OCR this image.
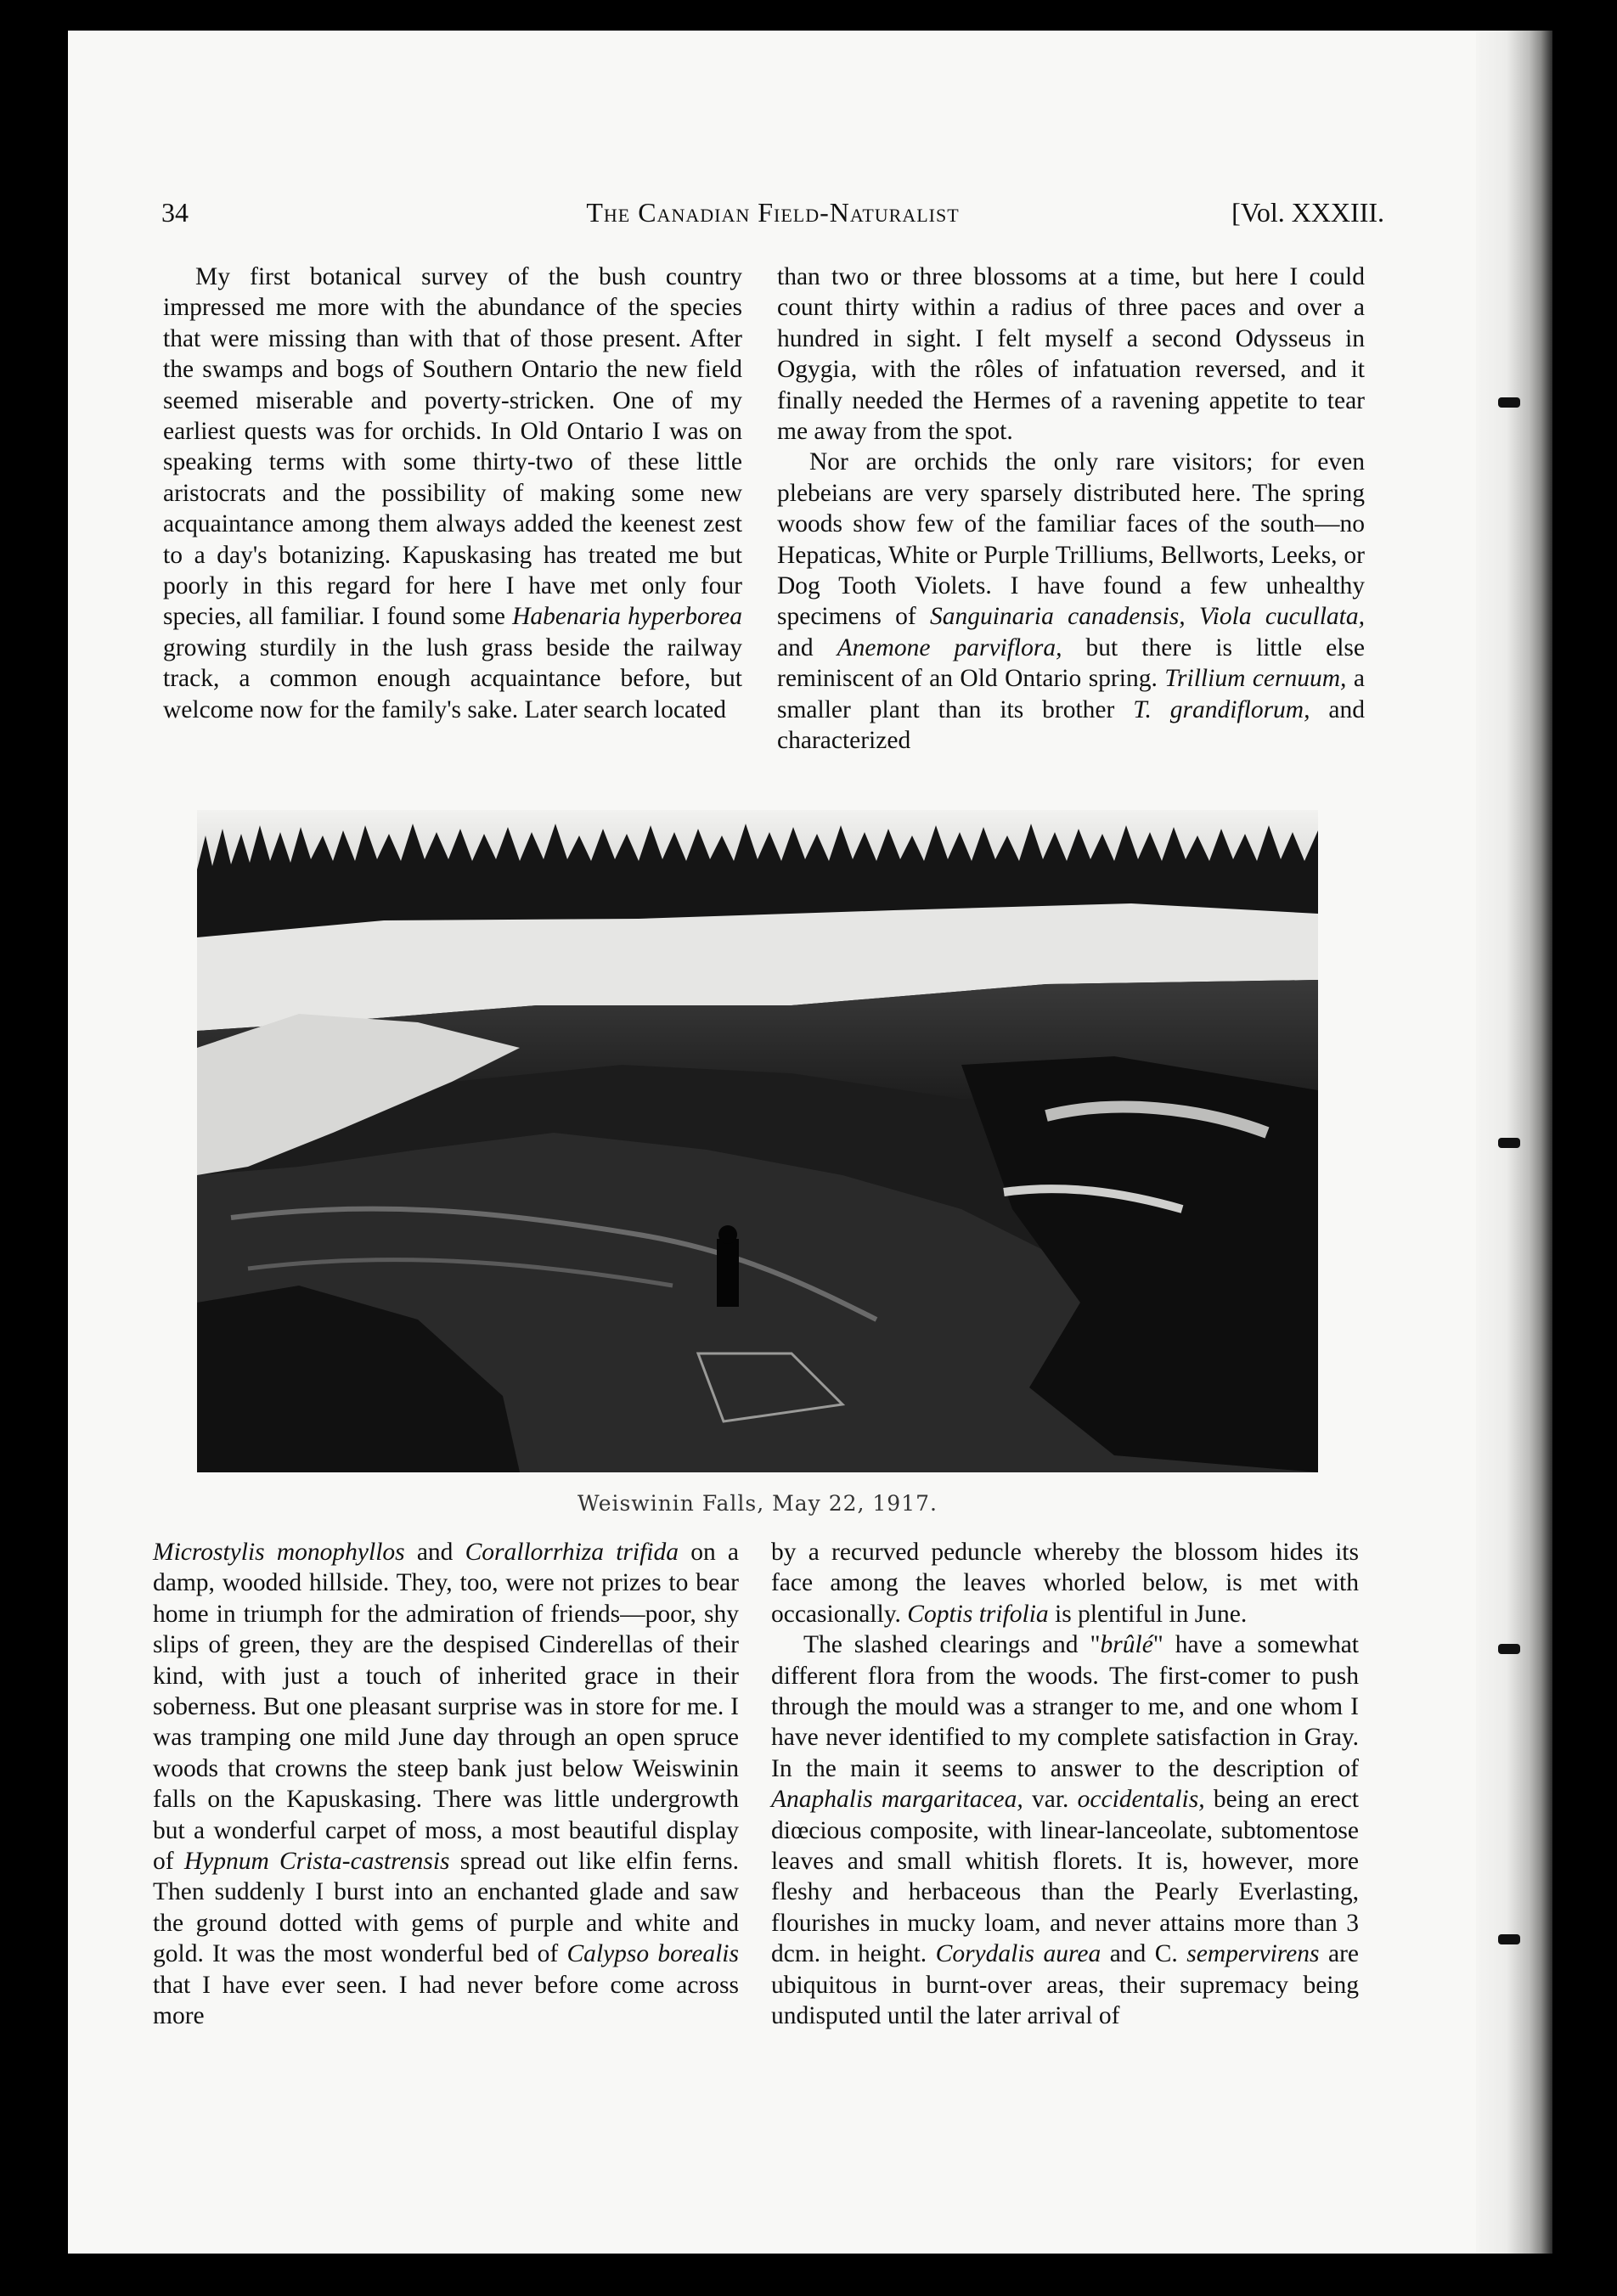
34	The Canadian Field-Naturalist	[Vol. XXXIII.

My first botanical survey of the bush country impressed me more with the abundance of the species that were missing than with that of those present. After the swamps and bogs of Southern Ontario the new field seemed miserable and poverty-stricken. One of my earliest quests was for orchids. In Old Ontario I was on speaking terms with some thirty-two of these little aristocrats and the possibility of making some new acquaintance among them always added the keenest zest to a day's botanizing. Kapuskasing has treated me but poorly in this regard for here I have met only four species, all familiar. I found some Habenaria hyperborea growing sturdily in the lush grass beside the railway track, a common enough acquaintance before, but welcome now for the family's sake. Later search located

than two or three blossoms at a time, but here I could count thirty within a radius of three paces and over a hundred in sight. I felt myself a second Odysseus in Ogygia, with the rôles of infatuation reversed, and it finally needed the Hermes of a ravening appetite to tear me away from the spot.

Nor are orchids the only rare visitors; for even plebeians are very sparsely distributed here. The spring woods show few of the familiar faces of the south—no Hepaticas, White or Purple Trilliums, Bellworts, Leeks, or Dog Tooth Violets. I have found a few unhealthy specimens of Sanguinaria canadensis, Viola cucullata, and Anemone parviflora, but there is little else reminiscent of an Old Ontario spring. Trillium cernuum, a smaller plant than its brother T. grandiflorum, and characterized

Weiswinin Falls, May 22, 1917.

Microstylis monophyllos and Corallorrhiza trifida on a damp, wooded hillside. They, too, were not prizes to bear home in triumph for the admiration of friends—poor, shy slips of green, they are the despised Cinderellas of their kind, with just a touch of inherited grace in their soberness. But one pleasant surprise was in store for me. I was tramping one mild June day through an open spruce woods that crowns the steep bank just below Weiswinin falls on the Kapuskasing. There was little undergrowth but a wonderful carpet of moss, a most beautiful display of Hypnum Crista-castrensis spread out like elfin ferns. Then suddenly I burst into an enchanted glade and saw the ground dotted with gems of purple and white and gold. It was the most wonderful bed of Calypso borealis that I have ever seen. I had never before come across more

by a recurved peduncle whereby the blossom hides its face among the leaves whorled below, is met with occasionally. Coptis trifolia is plentiful in June.

The slashed clearings and "brûlé" have a somewhat different flora from the woods. The first-comer to push through the mould was a stranger to me, and one whom I have never identified to my complete satisfaction in Gray. In the main it seems to answer to the description of Anaphalis margaritacea, var. occidentalis, being an erect diœcious composite, with linear-lanceolate, subtomentose leaves and small whitish florets. It is, however, more fleshy and herbaceous than the Pearly Everlasting, flourishes in mucky loam, and never attains more than 3 dcm. in height. Corydalis aurea and C. sempervirens are ubiquitous in burnt-over areas, their supremacy being undisputed until the later arrival of
